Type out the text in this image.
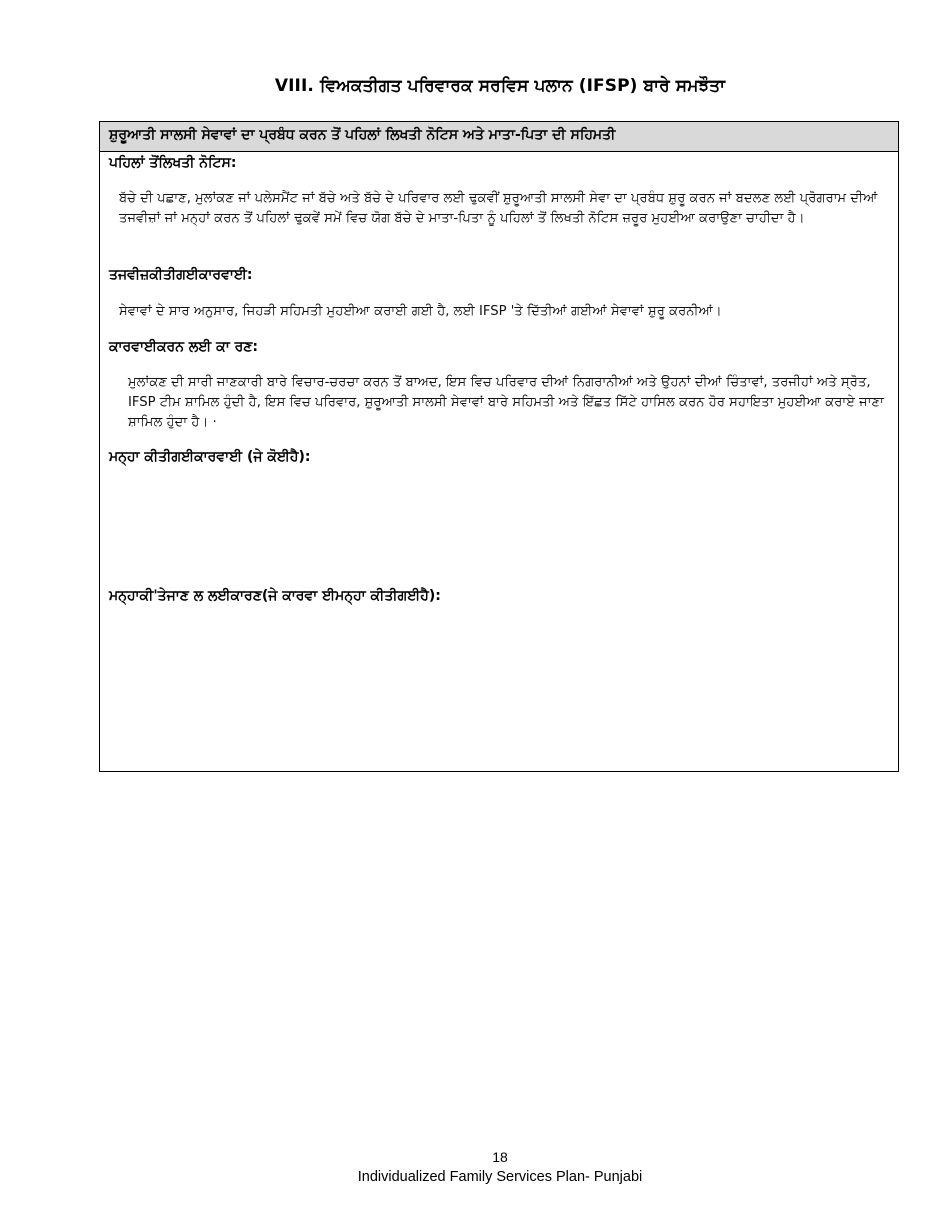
VIII. ਵਿਅਕਤੀਗਤ ਪਰਿਵਾਰਕ ਸਰਵਿਸ ਪਲਾਨ (IFSP) ਬਾਰੇ ਸਮਝੌਤਾ
ਸ਼ੁਰੂਆਤੀ ਸਾਲਸੀ ਸੇਵਾਵਾਂ ਦਾ ਪ੍ਰਬੰਧ ਕਰਨ ਤੋਂ ਪਹਿਲਾਂ ਲਿਖਤੀ ਨੋਟਿਸ ਅਤੇ ਮਾਤਾ-ਪਿਤਾ ਦੀ ਸਹਿਮਤੀ
ਪਹਿਲਾਂ ਤੋਂਲਿਖਤੀ ਨੋਟਿਸ:
ਬੱਚੇ ਦੀ ਪਛਾਣ, ਮੁਲਾਂਕਣ ਜਾਂ ਪਲੇਸਮੈਂਟ ਜਾਂ ਬੱਚੇ ਅਤੇ ਬੱਚੇ ਦੇ ਪਰਿਵਾਰ ਲਈ ਢੁਕਵੀਂ ਸ਼ੁਰੂਆਤੀ ਸਾਲਸੀ ਸੇਵਾ ਦਾ ਪ੍ਰਬੰਧ ਸ਼ੁਰੂ ਕਰਨ ਜਾਂ ਬਦਲਣ ਲਈ ਪ੍ਰੋਗਰਾਮ ਦੀਆਂ ਤਜਵੀਜ਼ਾਂ ਜਾਂ ਮਨ੍ਹਾਂ ਕਰਨ ਤੋਂ ਪਹਿਲਾਂ ਢੁਕਵੇਂ ਸਮੇਂ ਵਿਚ ਯੋਗ ਬੱਚੇ ਦੇ ਮਾਤਾ-ਪਿਤਾ ਨੂੰ ਪਹਿਲਾਂ ਤੋਂ ਲਿਖਤੀ ਨੋਟਿਸ ਜ਼ਰੂਰ ਮੁਹਈਆ ਕਰਾਉਣਾ ਚਾਹੀਦਾ ਹੈ।
ਤਜਵੀਜ਼ਕੀਤੀਗਈਕਾਰਵਾਈ:
ਸੇਵਾਵਾਂ ਦੇ ਸਾਰ ਅਨੁਸਾਰ, ਜਿਹੜੀ ਸਹਿਮਤੀ ਮੁਹਈਆ ਕਰਾਈ ਗਈ ਹੈ, ਲਈ IFSP 'ਤੇ ਦਿੱਤੀਆਂ ਗਈਆਂ ਸੇਵਾਵਾਂ ਸ਼ੁਰੂ ਕਰਨੀਆਂ।
ਕਾਰਵਾਈਕਰਨ ਲਈ ਕਾ ਰਣ:
ਮੁਲਾਂਕਣ ਦੀ ਸਾਰੀ ਜਾਣਕਾਰੀ ਬਾਰੇ ਵਿਚਾਰ-ਚਰਚਾ ਕਰਨ ਤੋਂ ਬਾਅਦ, ਇਸ ਵਿਚ ਪਰਿਵਾਰ ਦੀਆਂ ਨਿਗਰਾਨੀਆਂ ਅਤੇ ਉਹਨਾਂ ਦੀਆਂ ਚਿੰਤਾਵਾਂ, ਤਰਜੀਹਾਂ ਅਤੇ ਸ੍ਰੋਤ, IFSP ਟੀਮ ਸ਼ਾਮਿਲ ਹੁੰਦੀ ਹੈ, ਇਸ ਵਿਚ ਪਰਿਵਾਰ, ਸ਼ੁਰੂਆਤੀ ਸਾਲਸੀ ਸੇਵਾਵਾਂ ਬਾਰੇ ਸਹਿਮਤੀ ਅਤੇ ਇੱਛਤ ਸਿੱਟੇ ਹਾਸਿਲ ਕਰਨ ਹੋਰ ਸਹਾਇਤਾ ਮੁਹਈਆ ਕਰਾਏ ਜਾਣਾ ਸ਼ਾਮਿਲ ਹੁੰਦਾ ਹੈ। ·
ਮਨ੍ਹਾ ਕੀਤੀਗਈਕਾਰਵਾਈ (ਜੇ ਕੋਈਹੈ):
ਮਨ੍ਹਾਕੀ'ਤੇਜਾਣ ਲ ਲਈਕਾਰਣ(ਜੇ ਕਾਰਵਾ ਈਮਨ੍ਹਾ ਕੀਤੀਗਈਹੈ):
18
Individualized Family Services Plan- Punjabi
